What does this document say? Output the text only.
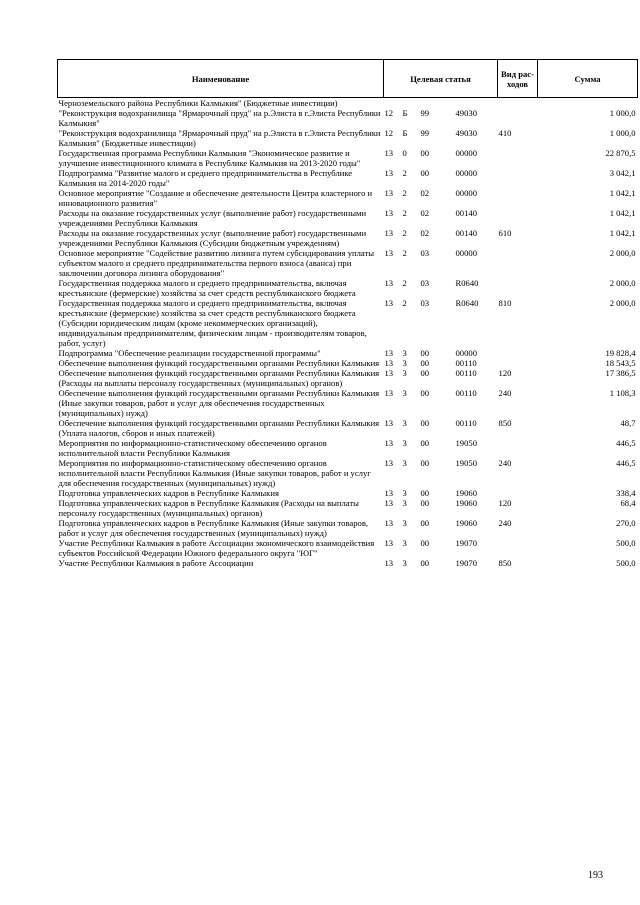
Наименование	Целевая статья				Вид рас- ходов	Сумма
Черноземельского района Республики Калмыкия" (Бюджетные инвестиции)						
"Реконструкция водохранилища "Ярмарочный пруд" на р.Элиста в г.Элиста Республики Калмыкия"	12	Б	99	49030		1 000,0
"Реконструкция водохранилища "Ярмарочный пруд" на р.Элиста в г.Элиста Республики Калмыкия" (Бюджетные инвестиции)	12	Б	99	49030	410	1 000,0
Государственная программа Республики Калмыкия "Экономическое развитие и улучшение инвестиционного климата в Республике Калмыкия на 2013-2020 годы"	13	0	00	00000		22 870,5
Подпрограмма "Развитие малого и среднего предпринимательства в Республике Калмыкия на 2014-2020 годы"	13	2	00	00000		3 042,1
Основное мероприятие "Создание и обеспечение деятельности Центра кластерного и инновационного развития"	13	2	02	00000		1 042,1
Расходы на оказание государственных услуг (выполнение работ) государственными учреждениями Республики Калмыкия	13	2	02	00140		1 042,1
Расходы на оказание государственных услуг (выполнение работ) государственными учреждениями Республики Калмыкия (Субсидии бюджетным учреждениям)	13	2	02	00140	610	1 042,1
Основное мероприятие "Содействие развитию лизинга путем субсидирования уплаты субъектом малого и среднего предпринимательства первого взноса (аванса) при заключении договора лизинга оборудования"	13	2	03	00000		2 000,0
Государственная поддержка малого и среднего предпринимательства, включая крестьянские (фермерские) хозяйства за счет средств республиканского бюджета	13	2	03	R0640		2 000,0
Государственная поддержка малого и среднего предпринимательства, включая крестьянские (фермерские) хозяйства за счет средств республиканского бюджета (Субсидии юридическим лицам (кроме некоммерческих организаций), индивидуальным предпринимателям, физическим лицам - производителям товаров, работ, услуг)	13	2	03	R0640	810	2 000,0
Подпрограмма "Обеспечение реализации государственной программы"	13	3	00	00000		19 828,4
Обеспечение выполнения функций государственными органами Республики Калмыкия	13	3	00	00110		18 543,5
Обеспечение выполнения функций государственными органами Республики Калмыкия (Расходы на выплаты персоналу государственных (муниципальных) органов)	13	3	00	00110	120	17 386,5
Обеспечение выполнения функций государственными органами Республики Калмыкия (Иные закупки товаров, работ и услуг для обеспечения государственных (муниципальных) нужд)	13	3	00	00110	240	1 108,3
Обеспечение выполнения функций государственными органами Республики Калмыкия (Уплата налогов, сборов и иных платежей)	13	3	00	00110	850	48,7
Мероприятия по информационно-статистическому обеспечению органов исполнительной власти Республики Калмыкия	13	3	00	19050		446,5
Мероприятия по информационно-статистическому обеспечению органов исполнительной власти Республики Калмыкия (Иные закупки товаров, работ и услуг для обеспечения государственных (муниципальных) нужд)	13	3	00	19050	240	446,5
Подготовка управленческих кадров в Республике Калмыкия	13	3	00	19060		338,4
Подготовка управленческих кадров в Республике Калмыкия (Расходы на выплаты персоналу государственных (муниципальных) органов)	13	3	00	19060	120	68,4
Подготовка управленческих кадров в Республике Калмыкия (Иные закупки товаров, работ и услуг для обеспечения государственных (муниципальных) нужд)	13	3	00	19060	240	270,0
Участие Республики Калмыкия в работе Ассоциации экономического взаимодействия субъектов Российской Федерации Южного федерального округа "ЮГ"	13	3	00	19070		500,0
Участие Республики Калмыкия в работе Ассоциации	13	3	00	19070	850	500,0
193
